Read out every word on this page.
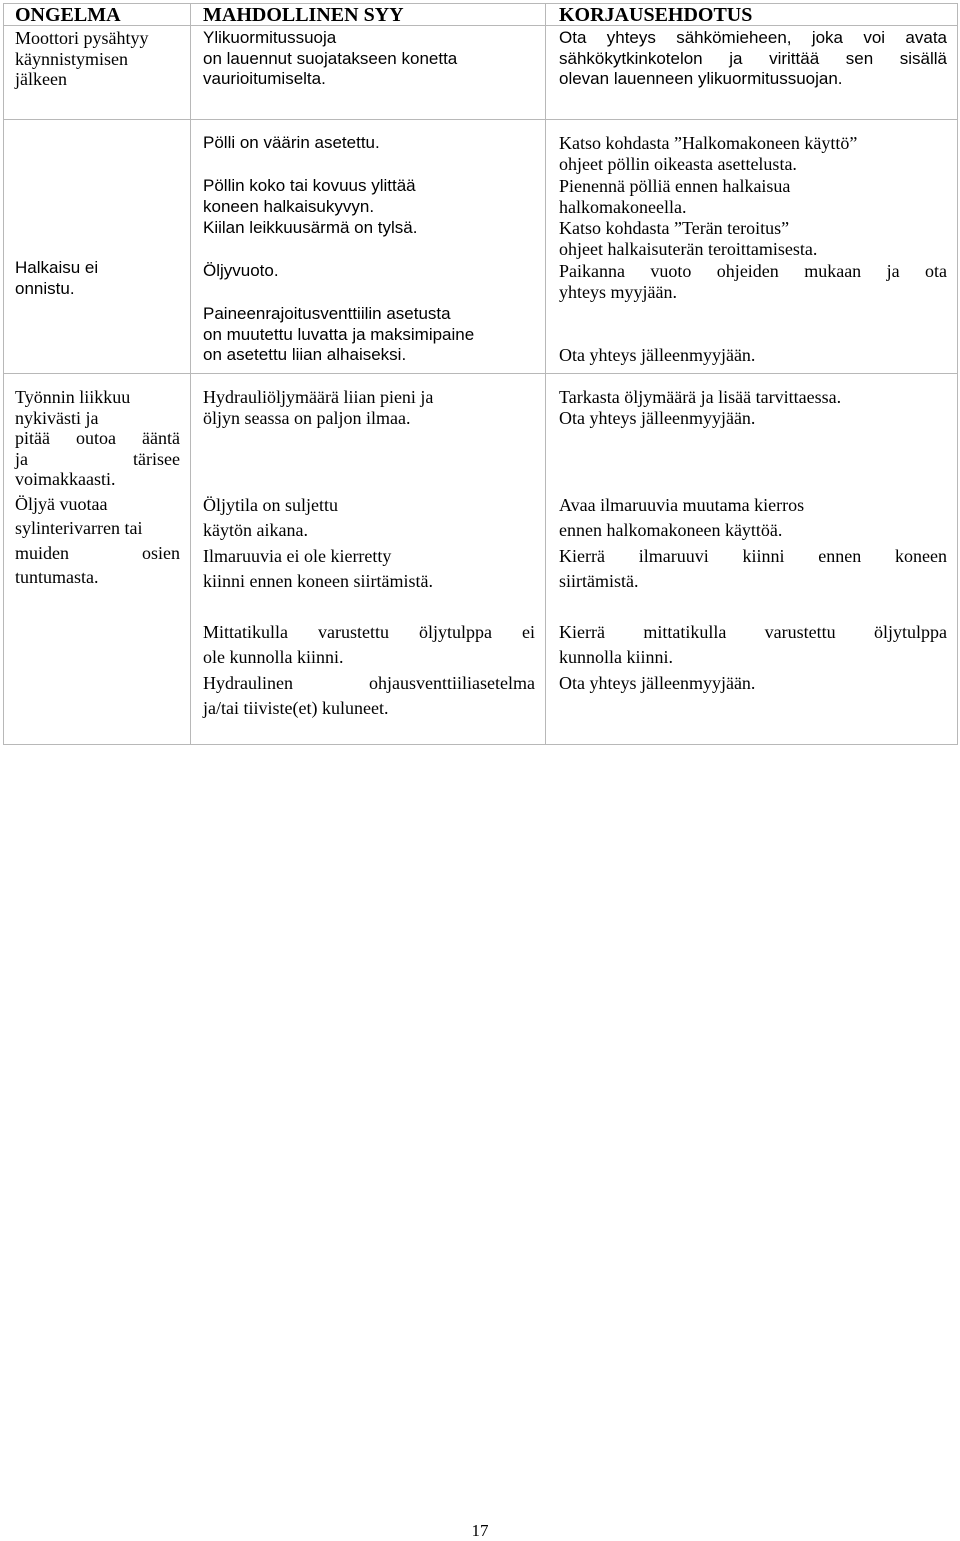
ONGELMA	MAHDOLLINEN SYY	KORJAUSEHDOTUS
Moottori pysähtyy
käynnistymisen
jälkeen
Ylikuormitussuoja
on lauennut suojatakseen konetta
vaurioitumiselta.
Ota yhteys sähkömieheen, joka voi avata
sähkökytkinkotelon ja virittää sen sisällä
olevan lauenneen ylikuormitussuojan.
Halkaisu ei
onnistu.
Pölli on väärin asetettu.
Pöllin koko tai kovuus ylittää
koneen halkaisukyvyn.
Kiilan leikkuusärmä on tylsä.
Öljyvuoto.
Paineenrajoitusventtiilin asetusta
on muutettu luvatta ja maksimipaine
on asetettu liian alhaiseksi.
Katso kohdasta ”Halkomakoneen käyttö”
ohjeet pöllin oikeasta asettelusta.
Pienennä pölliä ennen halkaisua
halkomakoneella.
Katso kohdasta ”Terän teroitus”
ohjeet halkaisuterän teroittamisesta.
Paikanna vuoto ohjeiden mukaan ja ota
yhteys myyjään.
Ota yhteys jälleenmyyjään.
Työnnin liikkuu
nykivästi ja
pitää outoa ääntä
ja tärisee
voimakkaasti.
Öljyä vuotaa
sylinterivarren tai
muiden osien
tuntumasta.
Hydrauliöljymäärä liian pieni ja
öljyn seassa on paljon ilmaa.
Öljytila on suljettu
käytön aikana.
Ilmaruuvia ei ole kierretty
kiinni ennen koneen siirtämistä.
Mittatikulla varustettu öljytulppa ei
ole kunnolla kiinni.
Hydraulinen ohjausventtiiliasetelma
ja/tai tiiviste(et) kuluneet.
Tarkasta öljymäärä ja lisää tarvittaessa.
Ota yhteys jälleenmyyjään.
Avaa ilmaruuvia muutama kierros
ennen halkomakoneen käyttöä.
Kierrä ilmaruuvi kiinni ennen koneen
siirtämistä.
Kierrä mittatikulla varustettu öljytulppa
kunnolla kiinni.
Ota yhteys jälleenmyyjään.
17
